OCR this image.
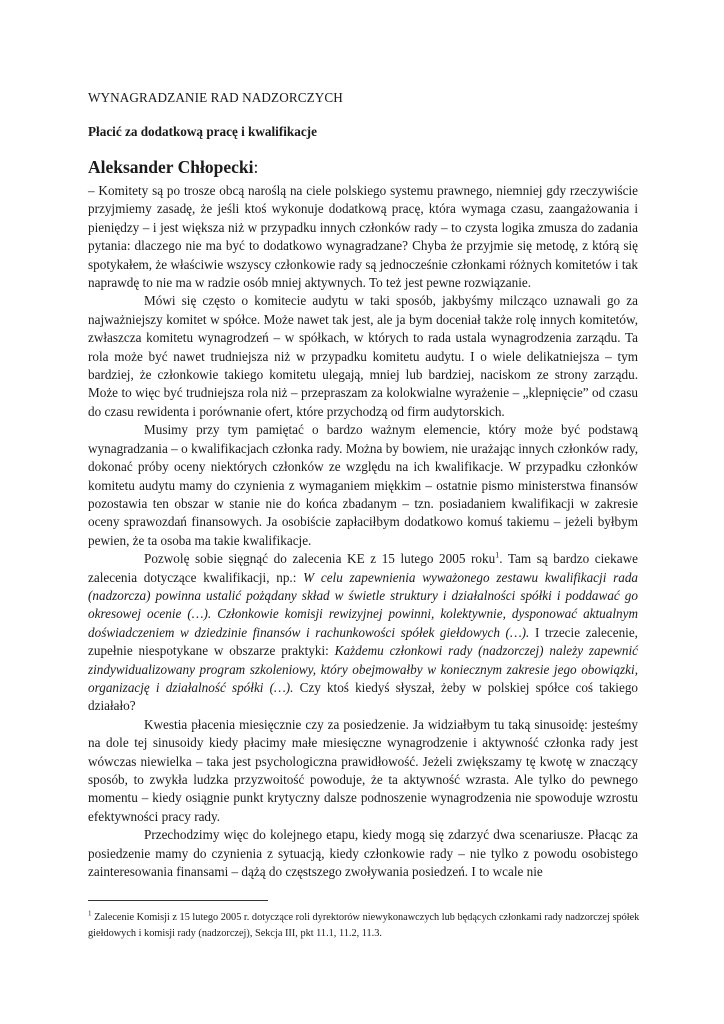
WYNAGRADZANIE RAD NADZORCZYCH
Płacić za dodatkową pracę i kwalifikacje
Aleksander Chłopecki:

– Komitety są po trosze obcą naroślą na ciele polskiego systemu prawnego, niemniej gdy rzeczywiście przyjmiemy zasadę, że jeśli ktoś wykonuje dodatkową pracę, która wymaga czasu, zaangażowania i pieniędzy – i jest większa niż w przypadku innych członków rady – to czysta logika zmusza do zadania pytania: dlaczego nie ma być to dodatkowo wynagradzane? Chyba że przyjmie się metodę, z którą się spotykałem, że właściwie wszyscy członkowie rady są jednocześnie członkami różnych komitetów i tak naprawdę to nie ma w radzie osób mniej aktywnych. To też jest pewne rozwiązanie.

Mówi się często o komitecie audytu w taki sposób, jakbyśmy milcząco uznawali go za najważniejszy komitet w spółce. Może nawet tak jest, ale ja bym doceniał także rolę innych komitetów, zwłaszcza komitetu wynagrodzeń – w spółkach, w których to rada ustala wynagrodzenia zarządu. Ta rola może być nawet trudniejsza niż w przypadku komitetu audytu. I o wiele delikatniejsza – tym bardziej, że członkowie takiego komitetu ulegają, mniej lub bardziej, naciskom ze strony zarządu. Może to więc być trudniejsza rola niż – przepraszam za kolokwialne wyrażenie – „klepnięcie” od czasu do czasu rewidenta i porównanie ofert, które przychodzą od firm audytorskich.

Musimy przy tym pamiętać o bardzo ważnym elemencie, który może być podstawą wynagradzania – o kwalifikacjach członka rady. Można by bowiem, nie urażając innych członków rady, dokonać próby oceny niektórych członków ze względu na ich kwalifikacje. W przypadku członków komitetu audytu mamy do czynienia z wymaganiem miękkim – ostatnie pismo ministerstwa finansów pozostawia ten obszar w stanie nie do końca zbadanym – tzn. posiadaniem kwalifikacji w zakresie oceny sprawozdań finansowych. Ja osobiście zapłaciłbym dodatkowo komuś takiemu – jeżeli byłbym pewien, że ta osoba ma takie kwalifikacje.

Pozwolę sobie sięgnąć do zalecenia KE z 15 lutego 2005 roku$^1$. Tam są bardzo ciekawe zalecenia dotyczące kwalifikacji, np.: W celu zapewnienia wyważonego zestawu kwalifikacji rada (nadzorcza) powinna ustalić pożądany skład w świetle struktury i działalności spółki i poddawać go okresowej ocenie (…). Członkowie komisji rewizyjnej powinni, kolektywnie, dysponować aktualnym doświadczeniem w dziedzinie finansów i rachunkowości spółek giełdowych (…). I trzecie zalecenie, zupełnie niespotykane w obszarze praktyki: Każdemu członkowi rady (nadzorczej) należy zapewnić zindywidualizowany program szkoleniowy, który obejmowałby w koniecznym zakresie jego obowiązki, organizację i działalność spółki (…). Czy ktoś kiedyś słyszał, żeby w polskiej spółce coś takiego działało?

Kwestia płacenia miesięcznie czy za posiedzenie. Ja widziałbym tu taką sinusoidę: jesteśmy na dole tej sinusoidy kiedy płacimy małe miesięczne wynagrodzenie i aktywność członka rady jest wówczas niewielka – taka jest psychologiczna prawidłowość. Jeżeli zwiększamy tę kwotę w znaczący sposób, to zwykła ludzka przyzwoitość powoduje, że ta aktywność wzrasta. Ale tylko do pewnego momentu – kiedy osiągnie punkt krytyczny dalsze podnoszenie wynagrodzenia nie spowoduje wzrostu efektywności pracy rady.

Przechodzimy więc do kolejnego etapu, kiedy mogą się zdarzyć dwa scenariusze. Płacąc za posiedzenie mamy do czynienia z sytuacją, kiedy członkowie rady – nie tylko z powodu osobistego zainteresowania finansami – dążą do częstszego zwoływania posiedzeń. I to wcale nie

$^1$ Zalecenie Komisji z 15 lutego 2005 r. dotyczące roli dyrektorów niewykonawczych lub będących członkami rady nadzorczej spółek giełdowych i komisji rady (nadzorczej), Sekcja III, pkt 11.1, 11.2, 11.3.
